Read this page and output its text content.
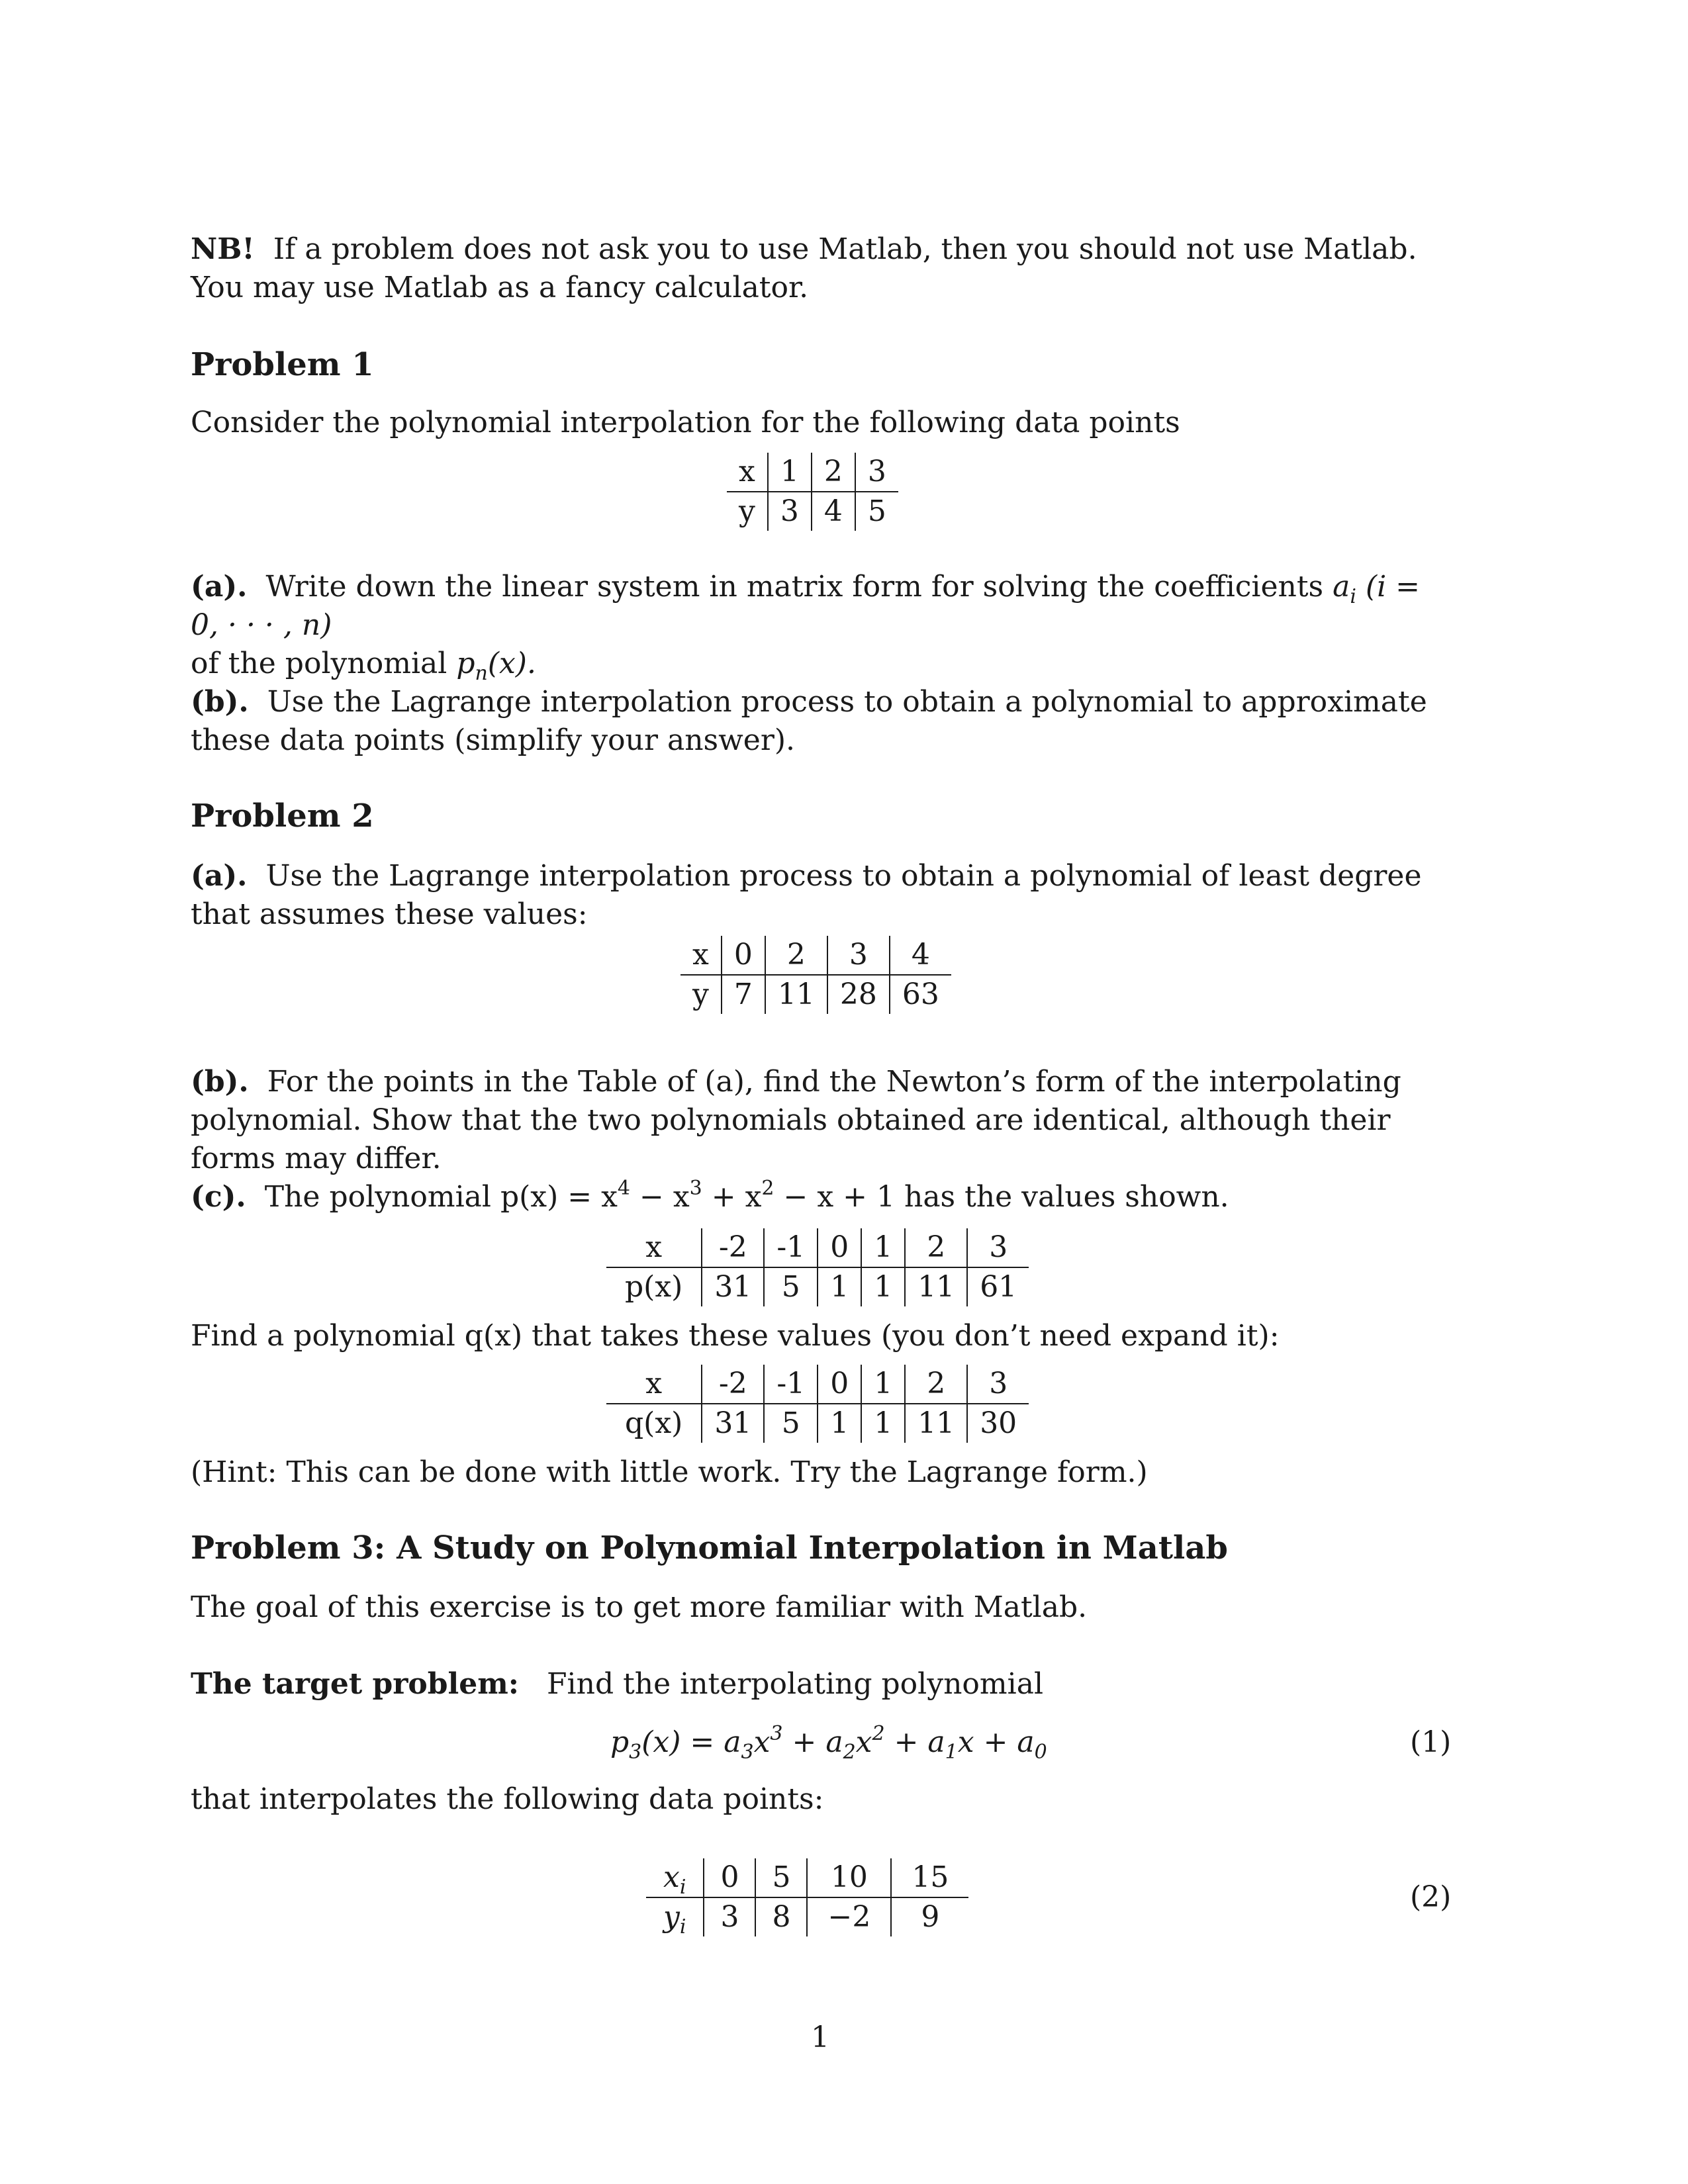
NB! If a problem does not ask you to use Matlab, then you should not use Matlab. You may use Matlab as a fancy calculator.
Problem 1
Consider the polynomial interpolation for the following data points
x	1	2	3
y	3	4	5
(a). Write down the linear system in matrix form for solving the coefficients $a_i$ (i = 0, · · · , n)
of the polynomial $p_n(x)$.
(b). Use the Lagrange interpolation process to obtain a polynomial to approximate these data points (simplify your answer).
Problem 2
(a). Use the Lagrange interpolation process to obtain a polynomial of least degree that assumes these values:
x	0	2	3	4
y	7	11	28	63
(b). For the points in the Table of (a), find the Newton’s form of the interpolating polynomial. Show that the two polynomials obtained are identical, although their forms may differ.
(c). The polynomial $p(x) = x^4 - x^3 + x^2 - x + 1$ has the values shown.
x	-2	-1	0	1	2	3
p(x)	31	5	1	1	11	61
Find a polynomial q(x) that takes these values (you don’t need expand it):
x	-2	-1	0	1	2	3
q(x)	31	5	1	1	11	30
(Hint: This can be done with little work. Try the Lagrange form.)
Problem 3: A Study on Polynomial Interpolation in Matlab
The goal of this exercise is to get more familiar with Matlab.
The target problem: Find the interpolating polynomial
$p_3(x) = a_3x^3 + a_2x^2 + a_1x + a_0$	(1)
that interpolates the following data points:
$x_i$	0	5	10	15
$y_i$	3	8	−2	9
(2)
1
